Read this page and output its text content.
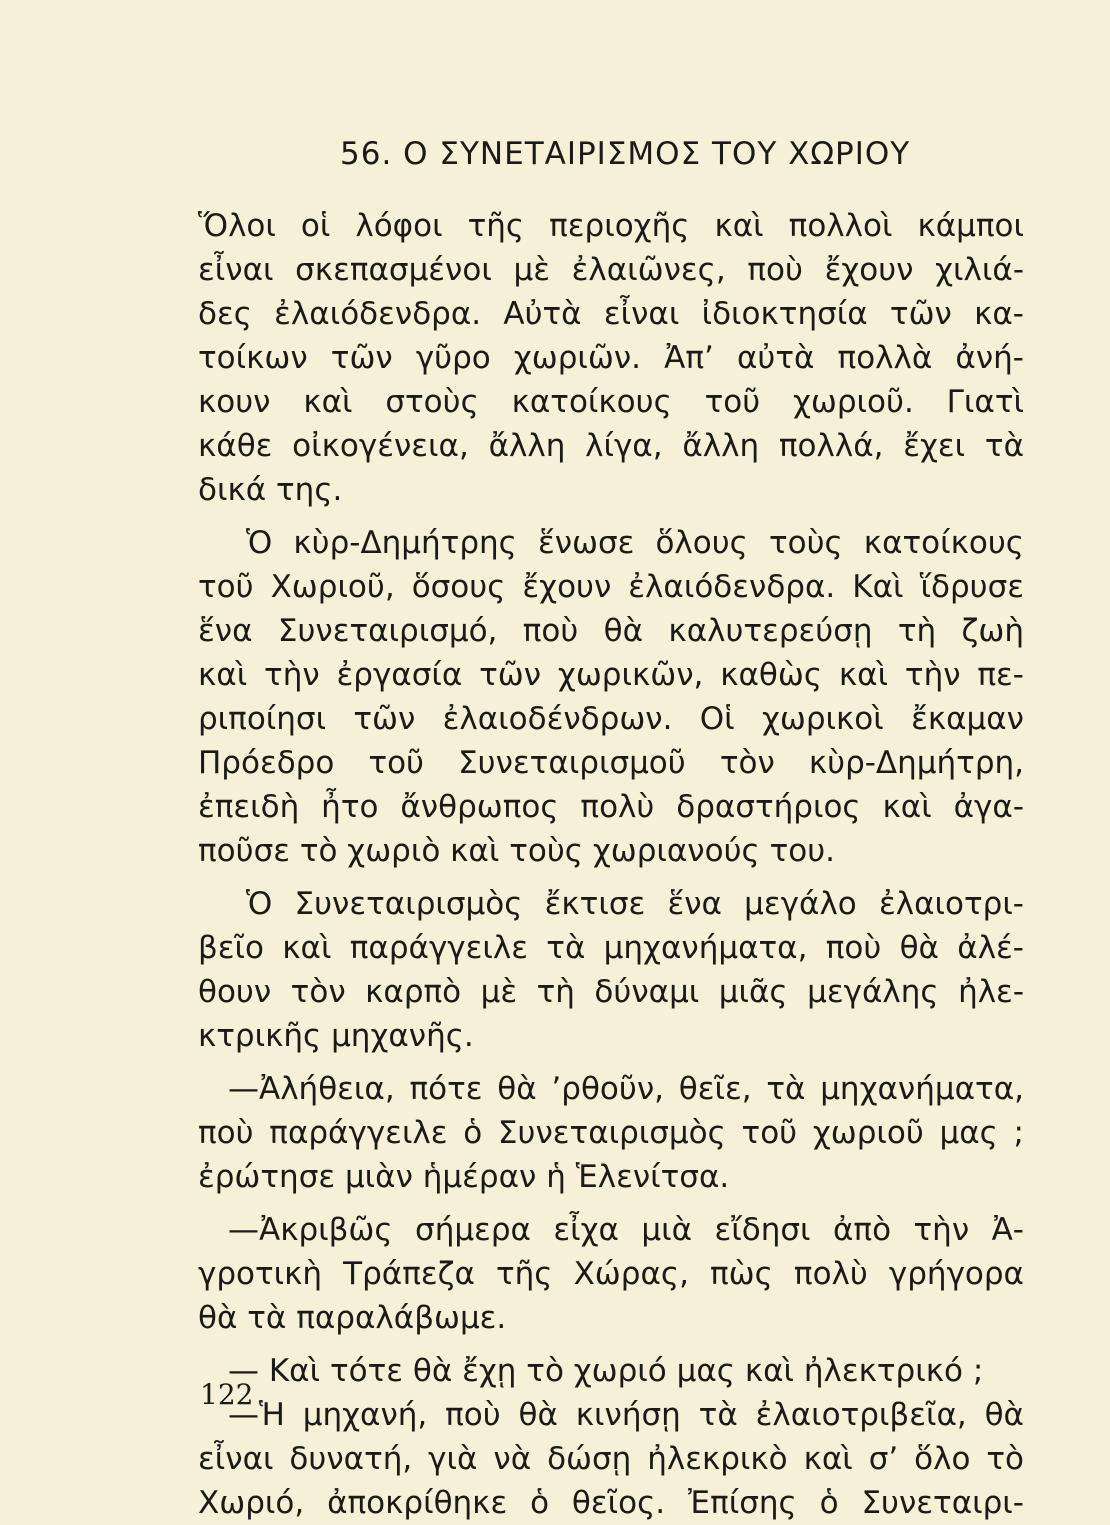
56. Ο ΣΥΝΕΤΑΙΡΙΣΜΟΣ ΤΟΥ ΧΩΡΙΟΥ
Ὅλοι οἱ λόφοι τῆς περιοχῆς καὶ πολλοὶ κάμποι
εἶναι σκεπασμένοι μὲ ἐλαιῶνες, ποὺ ἔχουν χιλιά-
δες ἐλαιόδενδρα. Αὐτὰ εἶναι ἰδιοκτησία τῶν κα-
τοίκων τῶν γῦρο χωριῶν. Ἀπ’ αὐτὰ πολλὰ ἀνή-
κουν καὶ στοὺς κατοίκους τοῦ χωριοῦ. Γιατὶ
κάθε οἰκογένεια, ἄλλη λίγα, ἄλλη πολλά, ἔχει τὰ
δικά της.
Ὁ κὺρ-Δημήτρης ἕνωσε ὅλους τοὺς κατοίκους
τοῦ Χωριοῦ, ὅσους ἔχουν ἐλαιόδενδρα. Καὶ ἵδρυσε
ἕνα Συνεταιρισμό, ποὺ θὰ καλυτερεύσῃ τὴ ζωὴ
καὶ τὴν ἐργασία τῶν χωρικῶν, καθὼς καὶ τὴν πε-
ριποίησι τῶν ἐλαιοδένδρων. Οἱ χωρικοὶ ἔκαμαν
Πρόεδρο τοῦ Συνεταιρισμοῦ τὸν κὺρ-Δημήτρη,
ἐπειδὴ ἦτο ἄνθρωπος πολὺ δραστήριος καὶ ἀγα-
ποῦσε τὸ χωριὸ καὶ τοὺς χωριανούς του.
Ὁ Συνεταιρισμὸς ἔκτισε ἕνα μεγάλο ἐλαιοτρι-
βεῖο καὶ παράγγειλε τὰ μηχανήματα, ποὺ θὰ ἀλέ-
θουν τὸν καρπὸ μὲ τὴ δύναμι μιᾶς μεγάλης ἠλε-
κτρικῆς μηχανῆς.
—Ἀλήθεια, πότε θὰ ’ρθοῦν, θεῖε, τὰ μηχανήματα,
ποὺ παράγγειλε ὁ Συνεταιρισμὸς τοῦ χωριοῦ μας ;
ἐρώτησε μιὰν ἡμέραν ἡ Ἑλενίτσα.
—Ἀκριβῶς σήμερα εἶχα μιὰ εἴδησι ἀπὸ τὴν Ἀ-
γροτικὴ Τράπεζα τῆς Χώρας, πὼς πολὺ γρήγορα
θὰ τὰ παραλάβωμε.
— Καὶ τότε θὰ ἔχῃ τὸ χωριό μας καὶ ἠλεκτρικό ;
—Ἡ μηχανή, ποὺ θὰ κινήσῃ τὰ ἐλαιοτριβεῖα, θὰ
εἶναι δυνατή, γιὰ νὰ δώσῃ ἠλεκρικὸ καὶ σ’ ὅλο τὸ
Χωριό, ἀποκρίθηκε ὁ θεῖος. Ἐπίσης ὁ Συνεταιρι-
122
